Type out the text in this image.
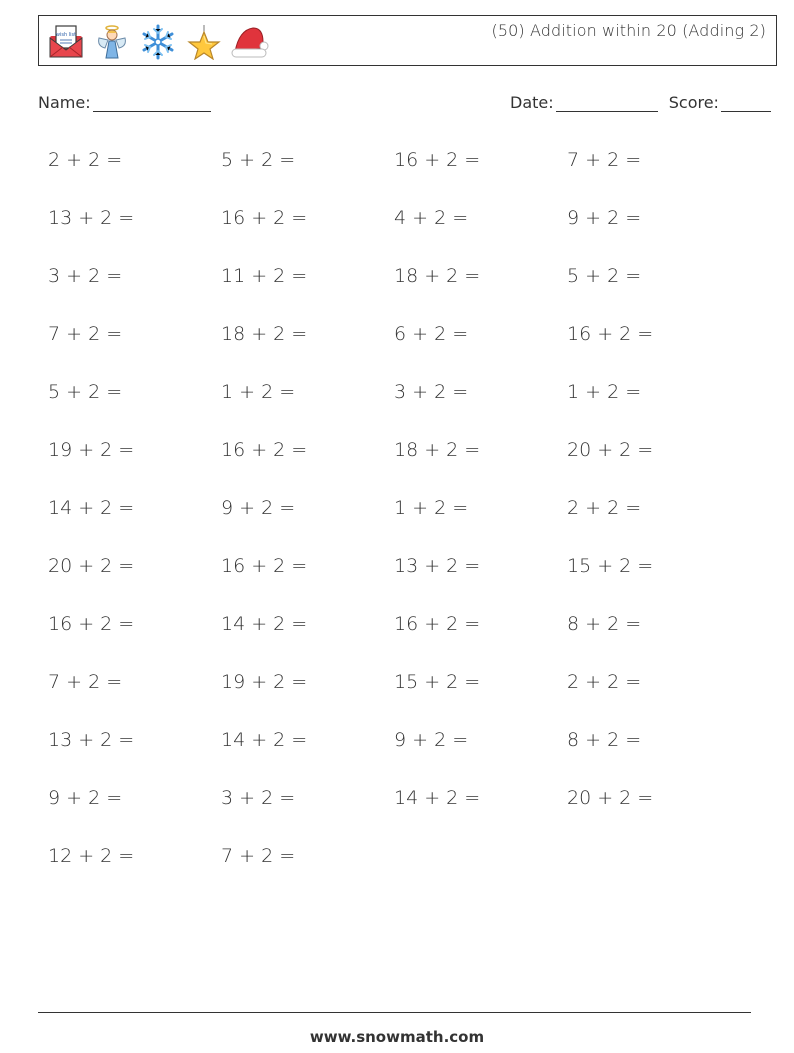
wish list	(50) Addition within 20 (Adding 2)
Name:	Date:	Score:
2 + 2 =	5 + 2 =	16 + 2 =	7 + 2 =
13 + 2 =	16 + 2 =	4 + 2 =	9 + 2 =
3 + 2 =	11 + 2 =	18 + 2 =	5 + 2 =
7 + 2 =	18 + 2 =	6 + 2 =	16 + 2 =
5 + 2 =	1 + 2 =	3 + 2 =	1 + 2 =
19 + 2 =	16 + 2 =	18 + 2 =	20 + 2 =
14 + 2 =	9 + 2 =	1 + 2 =	2 + 2 =
20 + 2 =	16 + 2 =	13 + 2 =	15 + 2 =
16 + 2 =	14 + 2 =	16 + 2 =	8 + 2 =
7 + 2 =	19 + 2 =	15 + 2 =	2 + 2 =
13 + 2 =	14 + 2 =	9 + 2 =	8 + 2 =
9 + 2 =	3 + 2 =	14 + 2 =	20 + 2 =
12 + 2 =	7 + 2 =
www.snowmath.com
